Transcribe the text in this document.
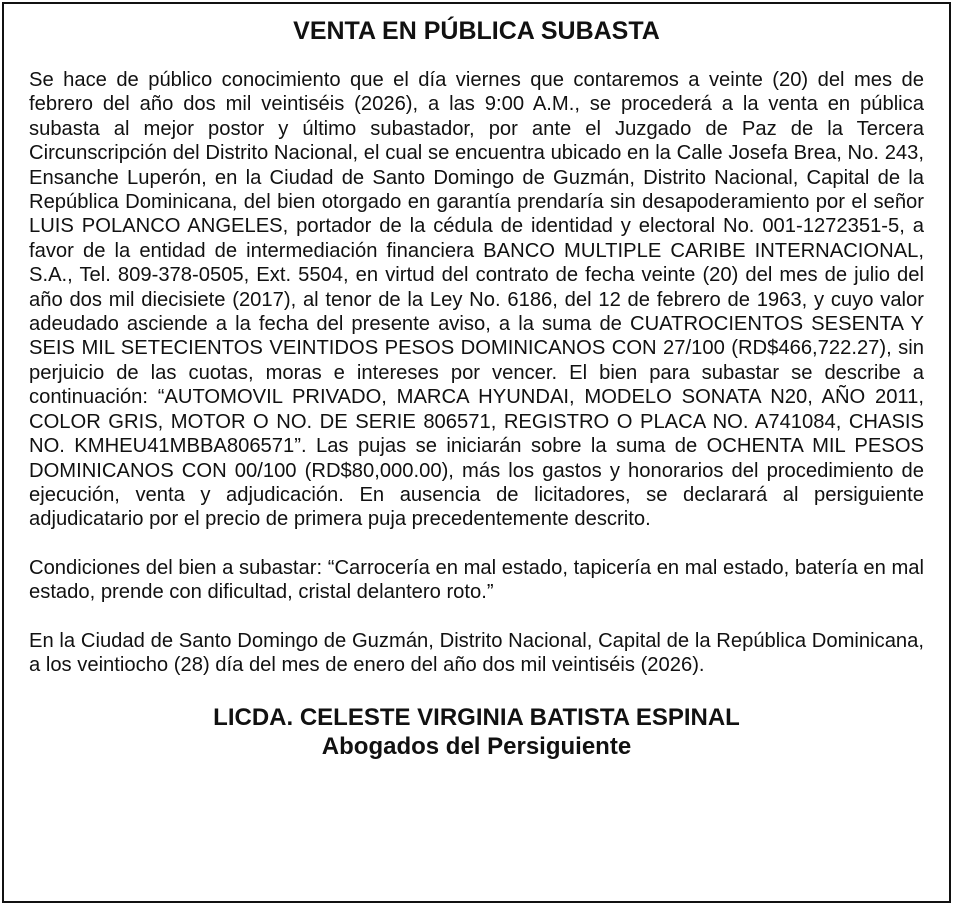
VENTA EN PÚBLICA SUBASTA

Se hace de público conocimiento que el día viernes que contaremos a veinte (20) del mes de febrero del año dos mil veintiséis (2026), a las 9:00 A.M., se procederá a la venta en pública subasta al mejor postor y último subastador, por ante el Juzgado de Paz de la Tercera Circunscripción del Distrito Nacional, el cual se encuentra ubicado en la Calle Josefa Brea, No. 243, Ensanche Luperón, en la Ciudad de Santo Domingo de Guzmán, Distrito Nacional, Capital de la República Dominicana, del bien otorgado en garantía prendaría sin desapoderamiento por el señor LUIS POLANCO ANGELES, portador de la cédula de identidad y electoral No. 001-1272351-5, a favor de la entidad de intermediación financiera BANCO MULTIPLE CARIBE INTERNACIONAL, S.A., Tel. 809-378-0505, Ext. 5504, en virtud del contrato de fecha veinte (20) del mes de julio del año dos mil diecisiete (2017), al tenor de la Ley No. 6186, del 12 de febrero de 1963, y cuyo valor adeudado asciende a la fecha del presente aviso, a la suma de CUATROCIENTOS SESENTA Y SEIS MIL SETECIENTOS VEINTIDOS PESOS DOMINICANOS CON 27/100 (RD$466,722.27), sin perjuicio de las cuotas, moras e intereses por vencer. El bien para subastar se describe a continuación: “AUTOMOVIL PRIVADO, MARCA HYUNDAI, MODELO SONATA N20, AÑO 2011, COLOR GRIS, MOTOR O NO. DE SERIE 806571, REGISTRO O PLACA NO. A741084, CHASIS NO. KMHEU41MBBA806571”. Las pujas se iniciarán sobre la suma de OCHENTA MIL PESOS DOMINICANOS CON 00/100 (RD$80,000.00), más los gastos y honorarios del procedimiento de ejecución, venta y adjudicación. En ausencia de licitadores, se declarará al persiguiente adjudicatario por el precio de primera puja precedentemente descrito.

Condiciones del bien a subastar: “Carrocería en mal estado, tapicería en mal estado, batería en mal estado, prende con dificultad, cristal delantero roto.”

En la Ciudad de Santo Domingo de Guzmán, Distrito Nacional, Capital de la República Dominicana, a los veintiocho (28) día del mes de enero del año dos mil veintiséis (2026).

LICDA. CELESTE VIRGINIA BATISTA ESPINAL
Abogados del Persiguiente
